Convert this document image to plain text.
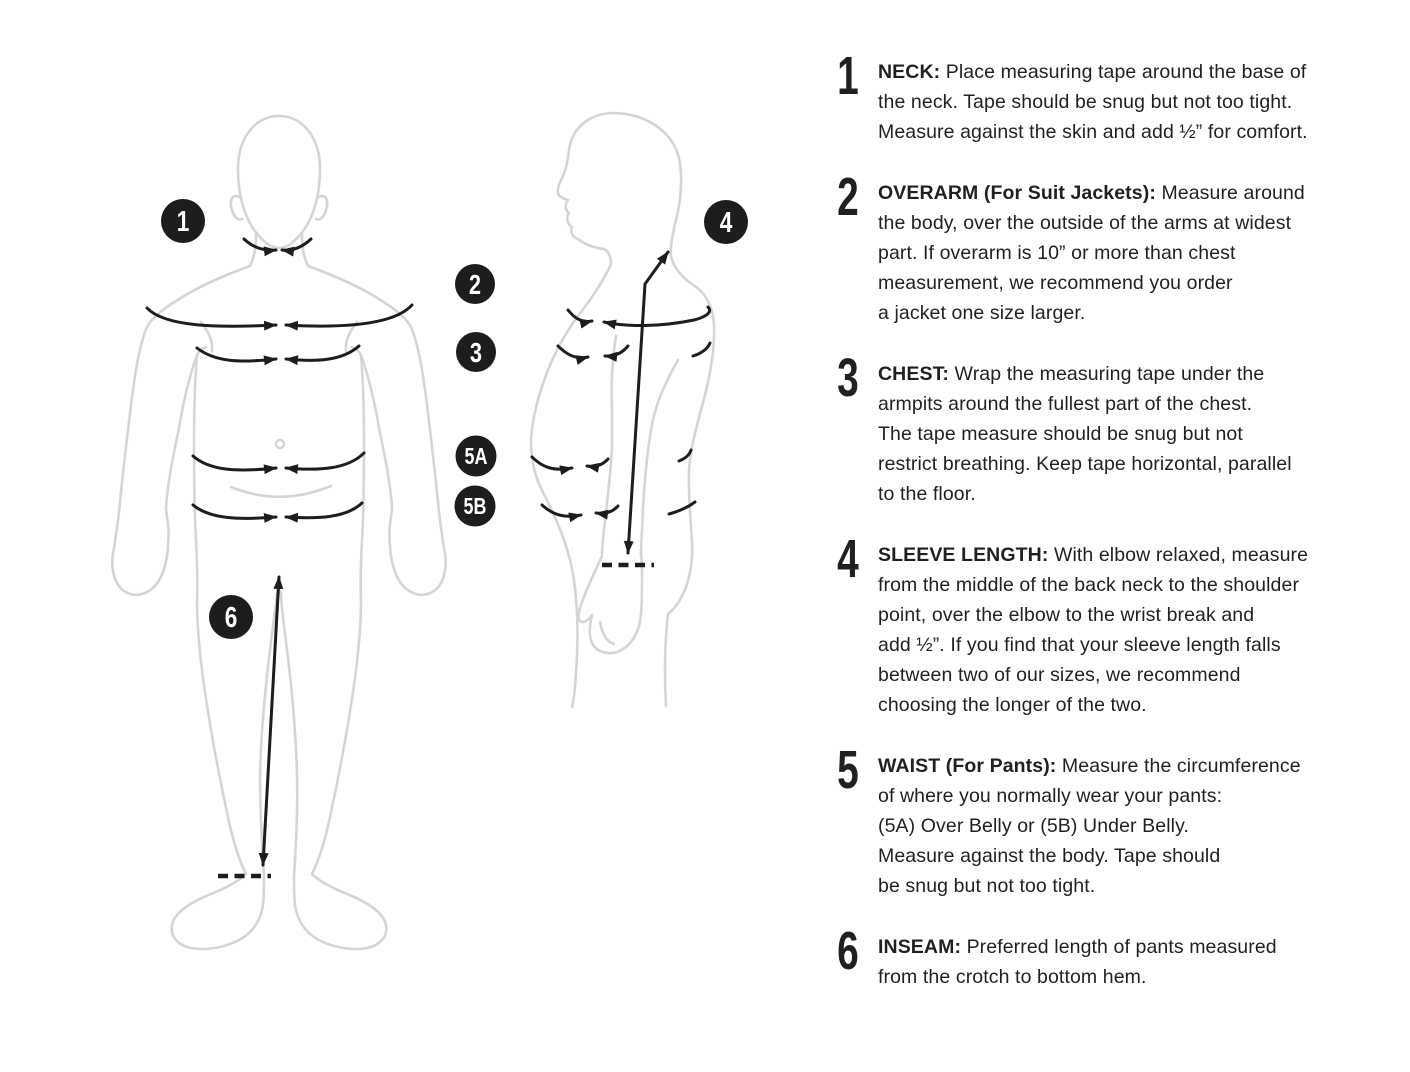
1
2
3
4
5A
5B
6
1 NECK: Place measuring tape around the base of
the neck. Tape should be snug but not too tight.
Measure against the skin and add ½” for comfort.
2 OVERARM (For Suit Jackets): Measure around
the body, over the outside of the arms at widest
part. If overarm is 10” or more than chest
measurement, we recommend you order
a jacket one size larger.
3 CHEST: Wrap the measuring tape under the
armpits around the fullest part of the chest.
The tape measure should be snug but not
restrict breathing. Keep tape horizontal, parallel
to the floor.
4 SLEEVE LENGTH: With elbow relaxed, measure
from the middle of the back neck to the shoulder
point, over the elbow to the wrist break and
add ½”. If you find that your sleeve length falls
between two of our sizes, we recommend
choosing the longer of the two.
5 WAIST (For Pants): Measure the circumference
of where you normally wear your pants:
(5A) Over Belly or (5B) Under Belly.
Measure against the body. Tape should
be snug but not too tight.
6 INSEAM: Preferred length of pants measured
from the crotch to bottom hem.
